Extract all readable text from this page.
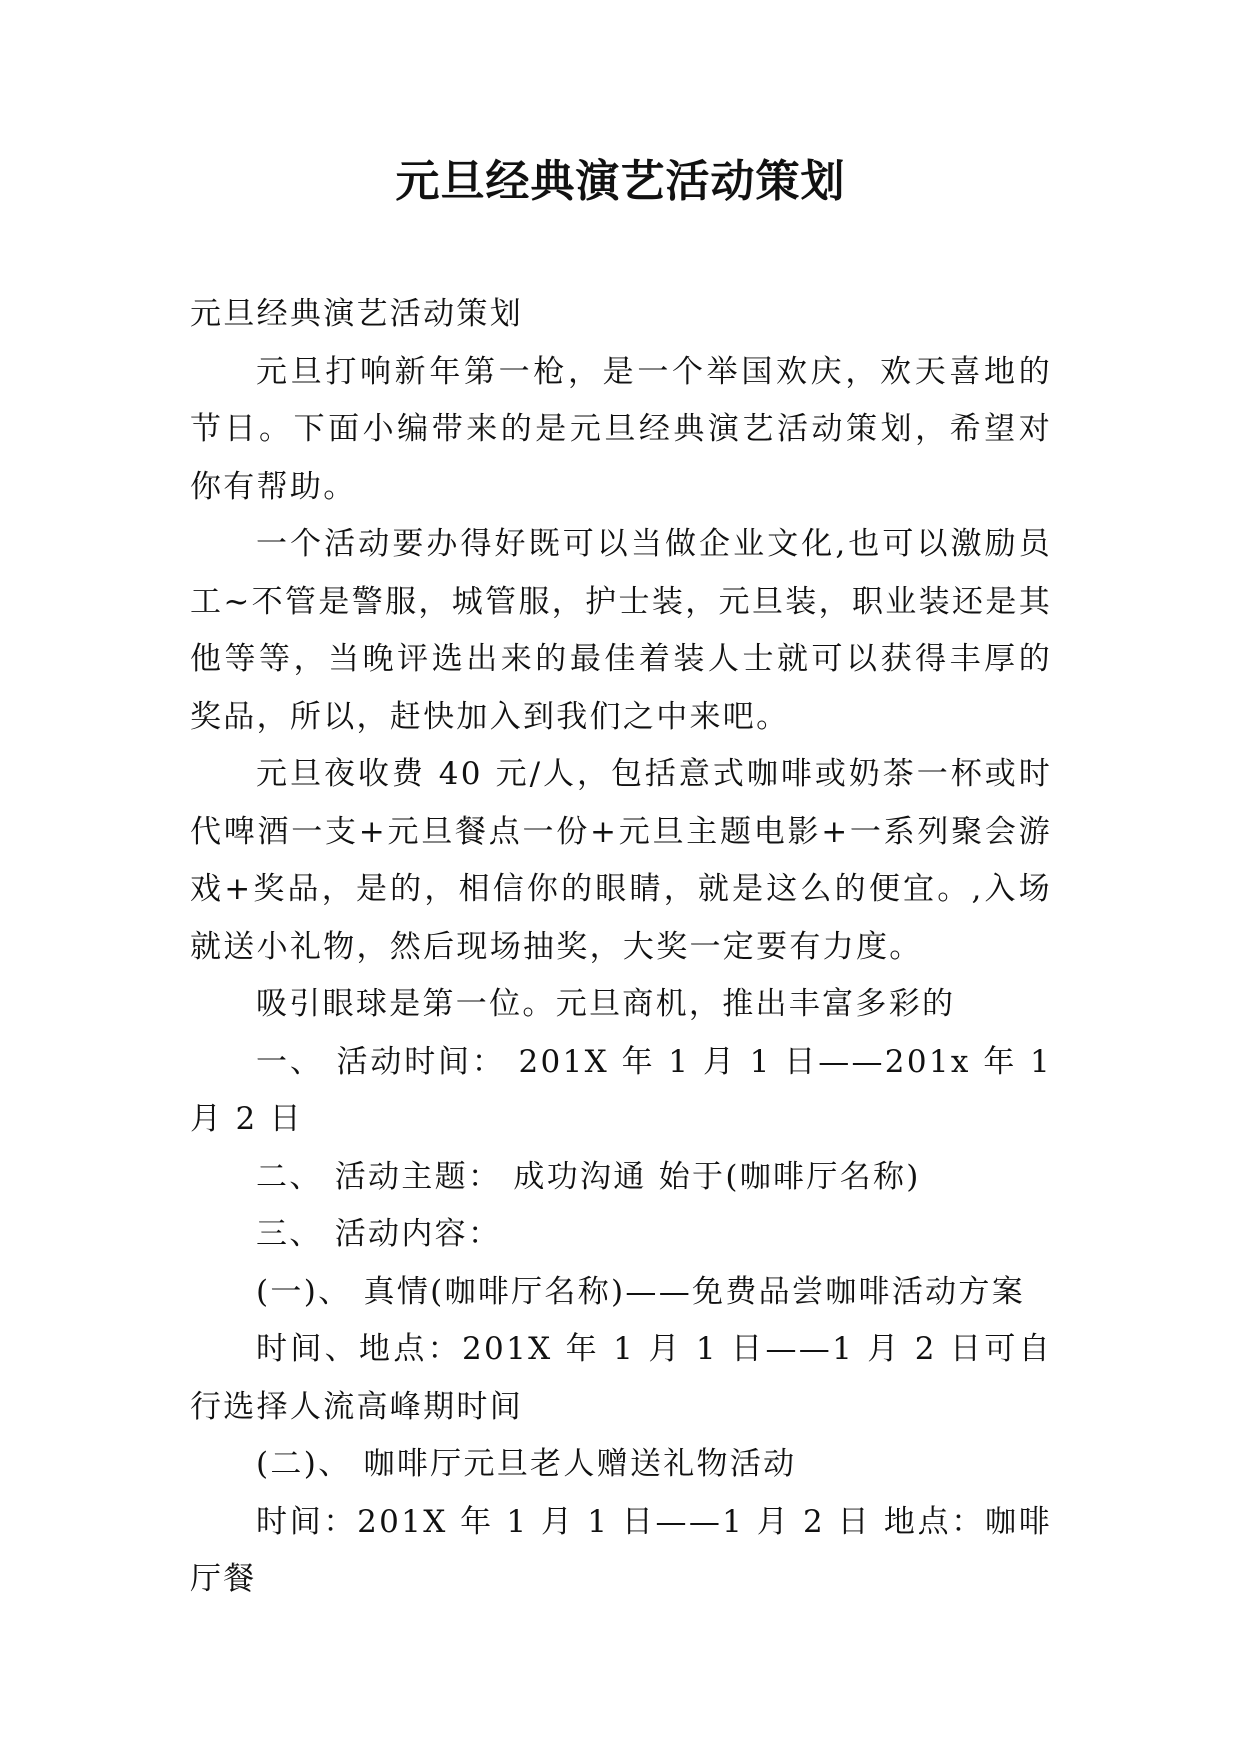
元旦经典演艺活动策划

元旦经典演艺活动策划

元旦打响新年第一枪，是一个举国欢庆，欢天喜地的节日。下面小编带来的是元旦经典演艺活动策划，希望对你有帮助。

一个活动要办得好既可以当做企业文化,也可以激励员工~不管是警服，城管服，护士装，元旦装，职业装还是其他等等，当晚评选出来的最佳着装人士就可以获得丰厚的奖品，所以，赶快加入到我们之中来吧。

元旦夜收费 40 元/人，包括意式咖啡或奶茶一杯或时代啤酒一支+元旦餐点一份+元旦主题电影+一系列聚会游戏+奖品，是的，相信你的眼睛，就是这么的便宜。,入场就送小礼物，然后现场抽奖，大奖一定要有力度。

吸引眼球是第一位。元旦商机，推出丰富多彩的

一、 活动时间： 201X 年 1 月 1 日——201x 年 1 月 2 日

二、 活动主题： 成功沟通 始于(咖啡厅名称)

三、 活动内容：

(一)、 真情(咖啡厅名称)——免费品尝咖啡活动方案

时间、地点：201X 年 1 月 1 日——1 月 2 日可自行选择人流高峰期时间

(二)、 咖啡厅元旦老人赠送礼物活动

时间：201X 年 1 月 1 日——1 月 2 日 地点：咖啡厅餐
